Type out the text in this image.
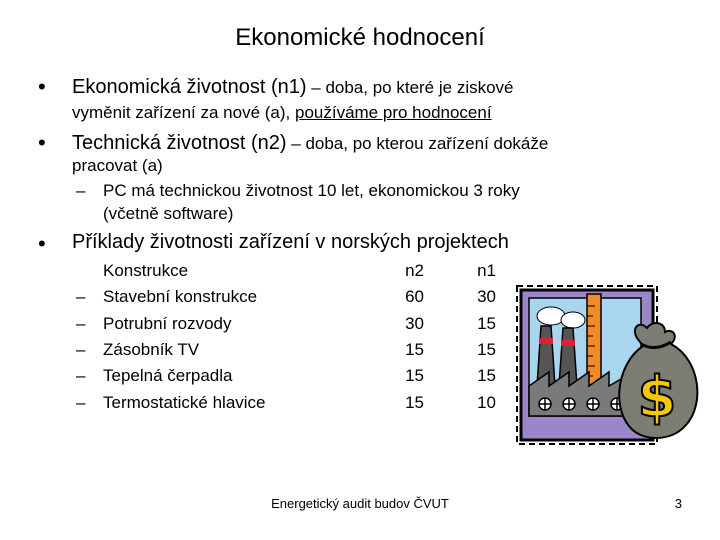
Ekonomické hodnocení
• Ekonomická životnost (n1) – doba, po které je ziskové
vyměnit zařízení za nové (a), používáme pro hodnocení
• Technická životnost (n2) – doba, po kterou zařízení dokáže
pracovat (a)
– PC má technickou životnost 10 let, ekonomickou 3 roky
(včetně software)
• Příklady životnosti zařízení v norských projektech
Konstrukce	n2	n1
– Stavební konstrukce	60	30
– Potrubní rozvody	30	15
– Zásobník TV	15	15
– Tepelná čerpadla	15	15
– Termostatické hlavice	15	10	$
Energetický audit budov ČVUT	3
